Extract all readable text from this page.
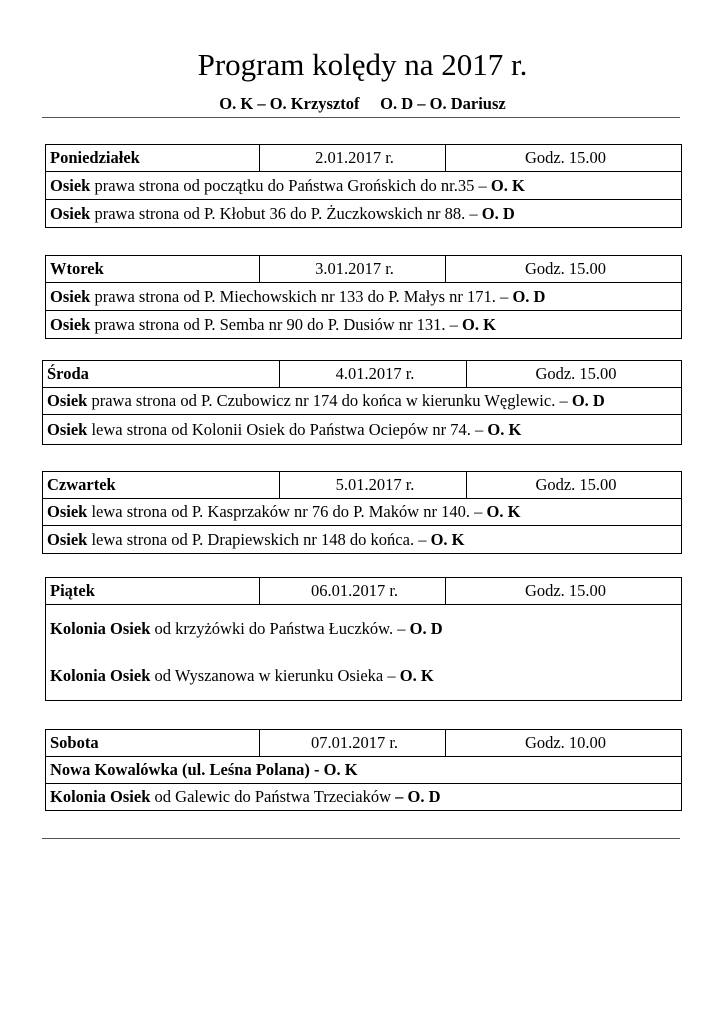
Program kolędy na 2017 r.
O. K – O. Krzysztof     O. D – O. Dariusz
Poniedziałek	2.01.2017 r.	Godz. 15.00
Osiek prawa strona od początku do Państwa Grońskich do nr.35 – O. K
Osiek prawa strona od P. Kłobut 36 do P. Żuczkowskich nr 88. – O. D
Wtorek	3.01.2017 r.	Godz. 15.00
Osiek prawa strona od P. Miechowskich nr 133 do P. Małys nr 171. – O. D
Osiek prawa strona od P. Semba nr 90 do P. Dusiów nr 131. – O. K
Środa	4.01.2017 r.	Godz. 15.00
Osiek prawa strona od P. Czubowicz nr 174 do końca w kierunku Węglewic. – O. D
Osiek lewa strona od Kolonii Osiek do Państwa Ociepów nr 74. – O. K
Czwartek	5.01.2017 r.	Godz. 15.00
Osiek lewa strona od P. Kasprzaków nr 76 do P. Maków nr 140. – O. K
Osiek lewa strona od P. Drapiewskich nr 148 do końca. – O. K
Piątek	06.01.2017 r.	Godz. 15.00
Kolonia Osiek od krzyżówki do Państwa Łuczków. – O. D
Kolonia Osiek od Wyszanowa w kierunku Osieka – O. K
Sobota	07.01.2017 r.	Godz. 10.00
Nowa Kowalówka (ul. Leśna Polana) - O. K
Kolonia Osiek od Galewic do Państwa Trzeciaków – O. D
